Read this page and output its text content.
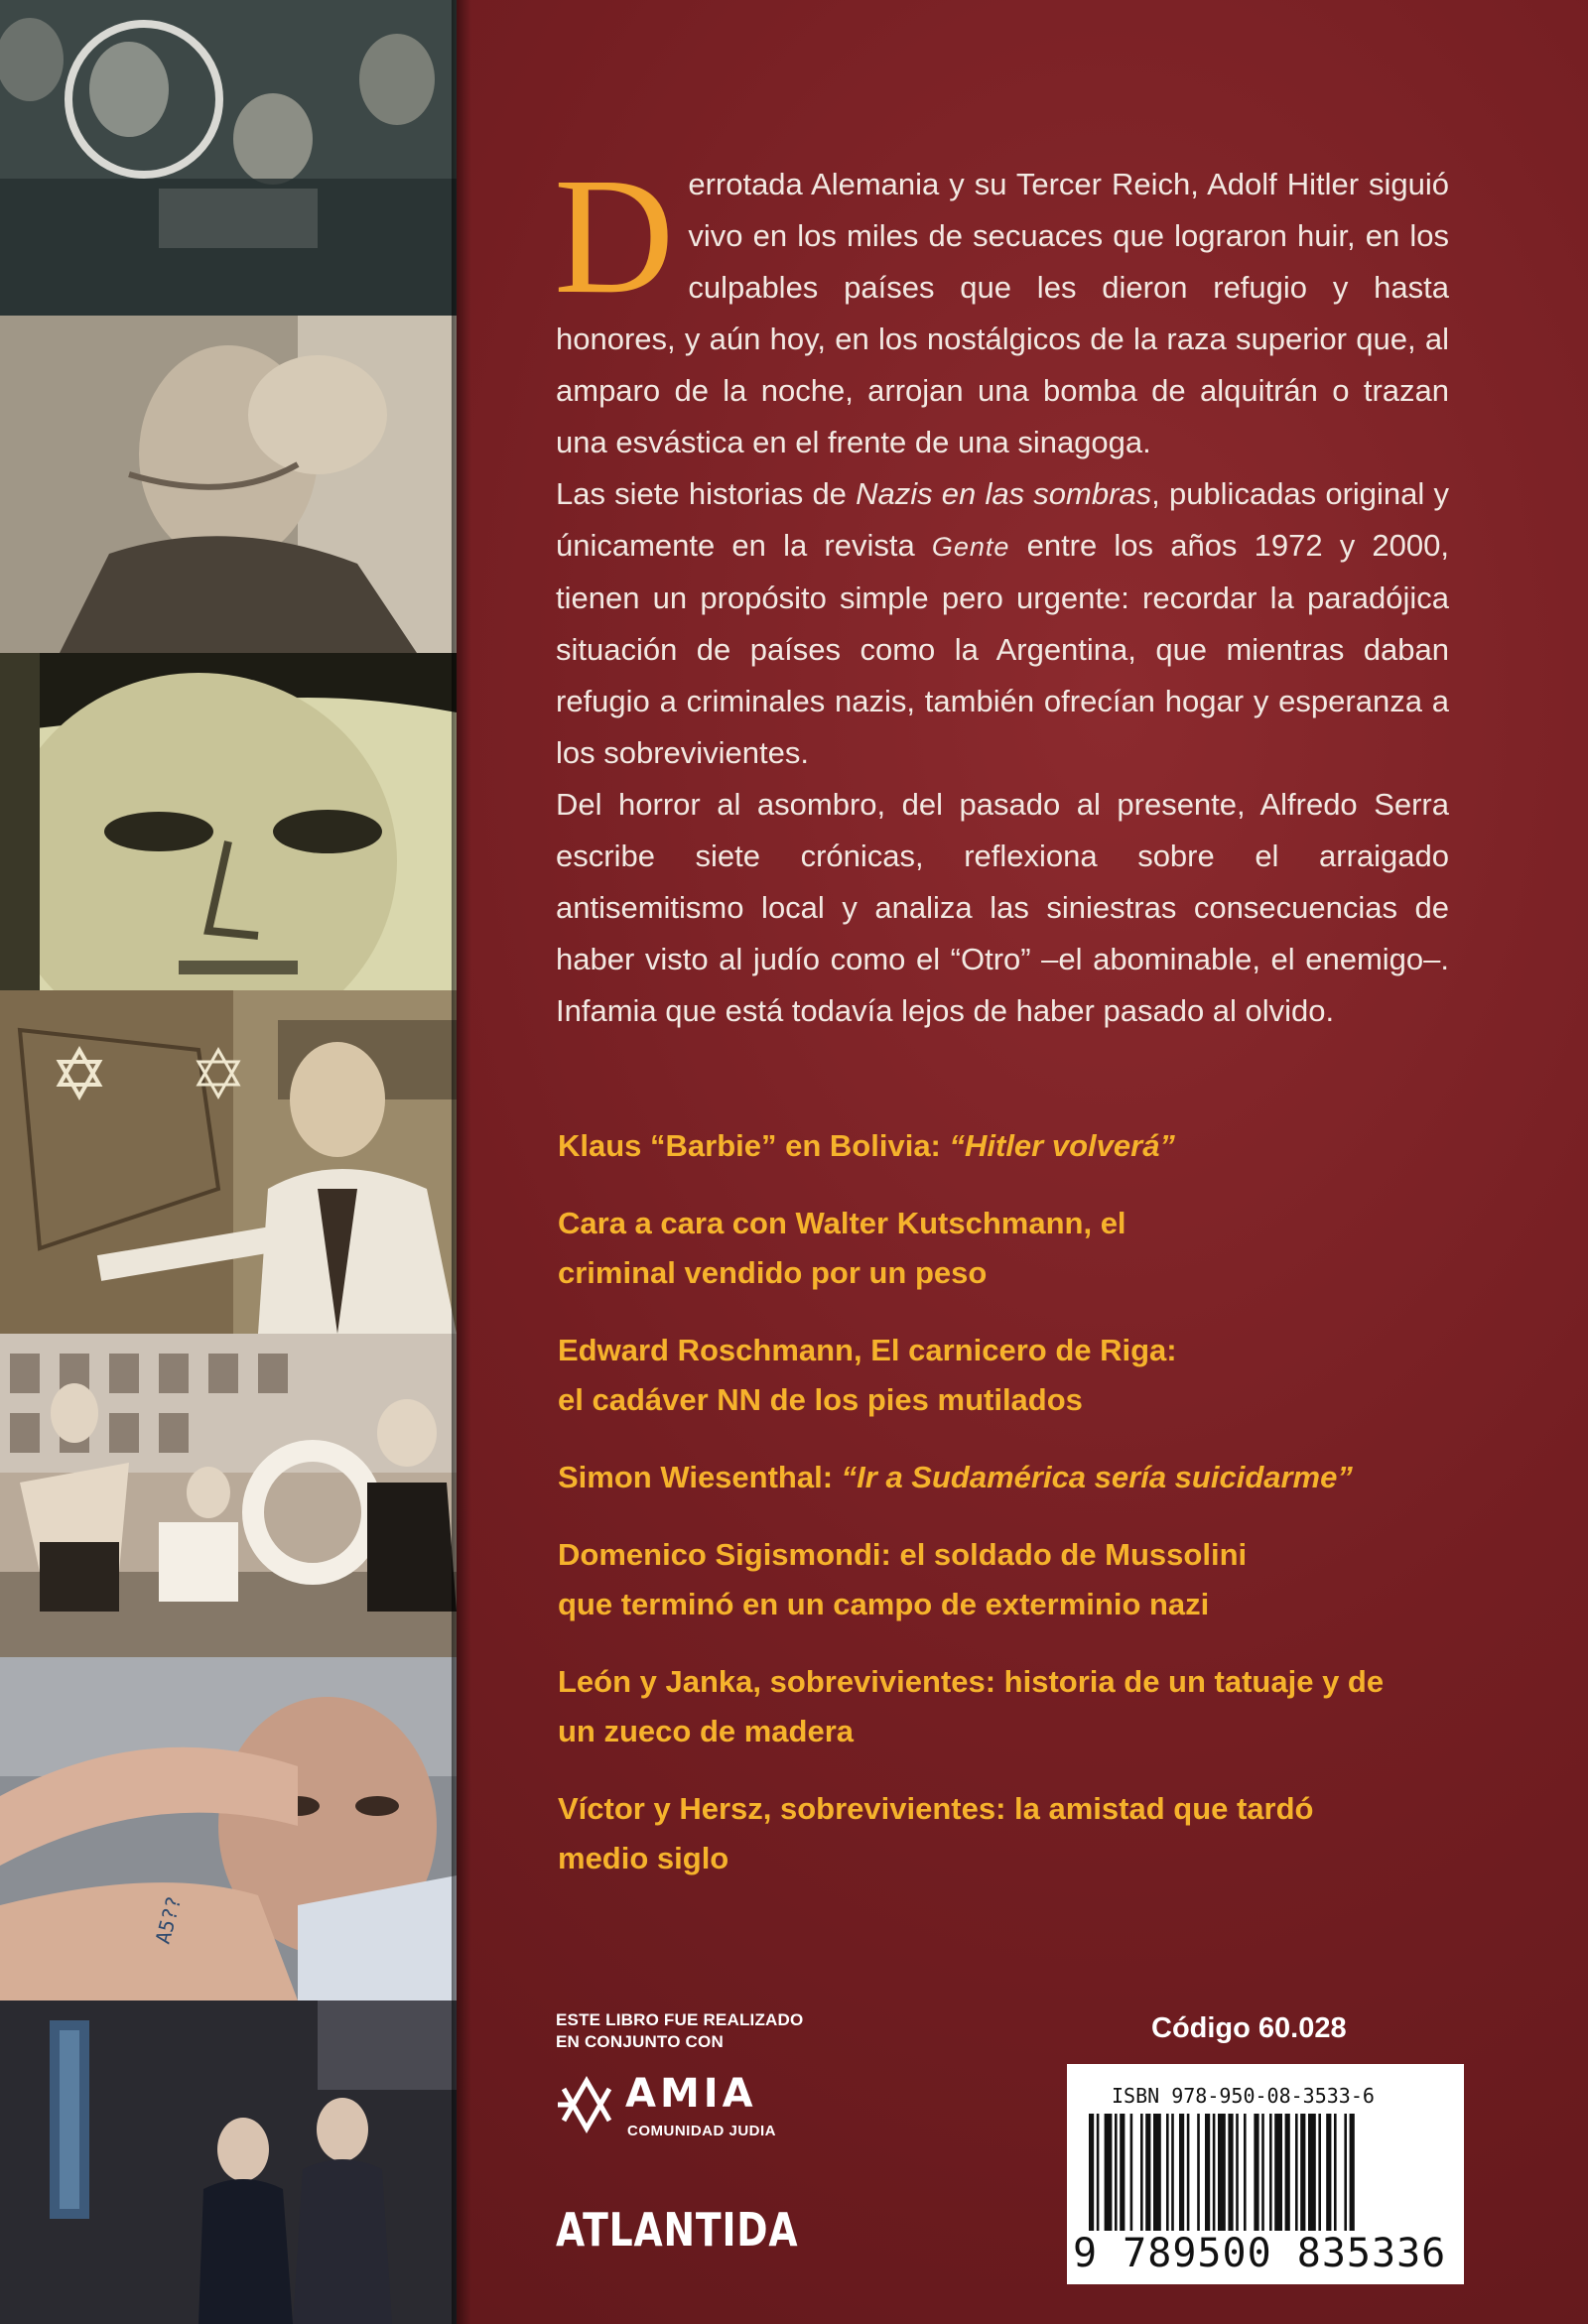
A5??

Derrotada Alemania y su Tercer Reich, Adolf Hitler siguió vivo en los miles de secuaces que lograron huir, en los culpables países que les dieron refugio y hasta honores, y aún hoy, en los nostálgicos de la raza superior que, al amparo de la noche, arrojan una bomba de alquitrán o trazan una esvástica en el frente de una sinagoga.

Las siete historias de Nazis en las sombras, publicadas original y únicamente en la revista Gente entre los años 1972 y 2000, tienen un propósito simple pero urgente: recordar la paradójica situación de países como la Argentina, que mientras daban refugio a criminales nazis, también ofrecían hogar y esperanza a los sobrevivientes.

Del horror al asombro, del pasado al presente, Alfredo Serra escribe siete crónicas, reflexiona sobre el arraigado antisemitismo local y analiza las siniestras consecuencias de haber visto al judío como el “Otro” –el abominable, el enemigo–. Infamia que está todavía lejos de haber pasado al olvido.

Klaus “Barbie” en Bolivia: “Hitler volverá”
Cara a cara con Walter Kutschmann, el criminal vendido por un peso
Edward Roschmann, El carnicero de Riga: el cadáver NN de los pies mutilados
Simon Wiesenthal: “Ir a Sudamérica sería suicidarme”
Domenico Sigismondi: el soldado de Mussolini que terminó en un campo de exterminio nazi
León y Janka, sobrevivientes: historia de un tatuaje y de un zueco de madera
Víctor y Hersz, sobrevivientes: la amistad que tardó medio siglo
ESTE LIBRO FUE REALIZADO
EN CONJUNTO CON
AMIA
COMUNIDAD JUDIA
ATLANTIDA
Código 60.028
ISBN 978-950-08-3533-6
9 789500 835336
